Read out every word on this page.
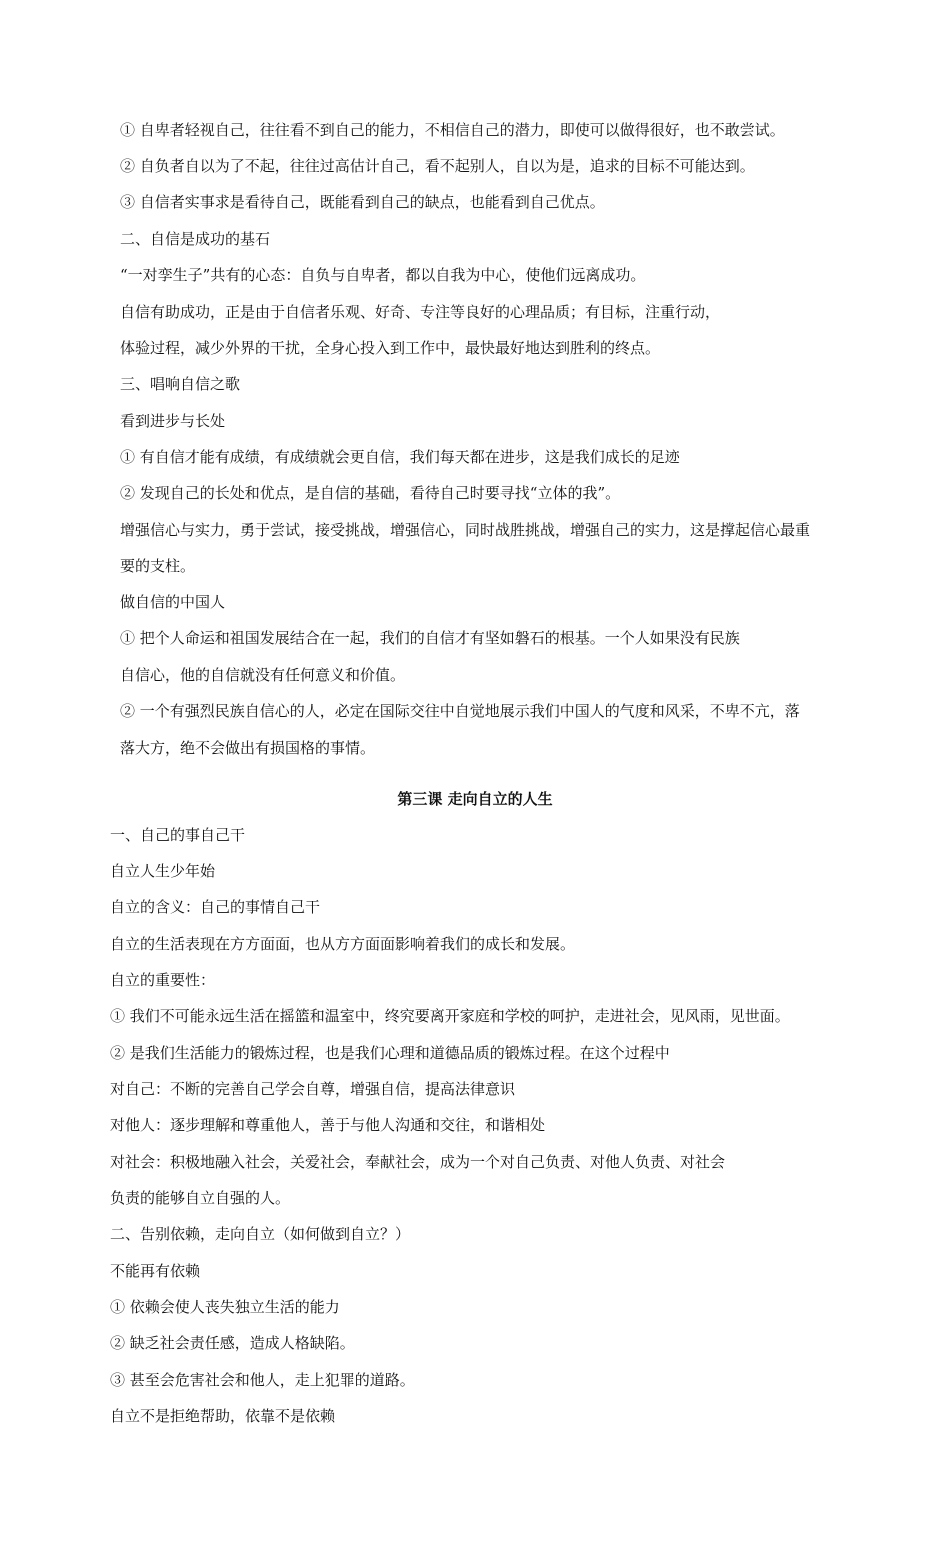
① 自卑者轻视自己，往往看不到自己的能力，不相信自己的潜力，即使可以做得很好，也不敢尝试。
② 自负者自以为了不起，往往过高估计自己，看不起别人，自以为是，追求的目标不可能达到。
③ 自信者实事求是看待自己，既能看到自己的缺点，也能看到自己优点。
二、自信是成功的基石
“一对孪生子”共有的心态：自负与自卑者，都以自我为中心，使他们远离成功。
自信有助成功，正是由于自信者乐观、好奇、专注等良好的心理品质；有目标，注重行动，
体验过程，减少外界的干扰，全身心投入到工作中，最快最好地达到胜利的终点。
三、唱响自信之歌
看到进步与长处
① 有自信才能有成绩，有成绩就会更自信，我们每天都在进步，这是我们成长的足迹
② 发现自己的长处和优点，是自信的基础，看待自己时要寻找“立体的我”。
增强信心与实力，勇于尝试，接受挑战，增强信心，同时战胜挑战，增强自己的实力，这是撑起信心最重
要的支柱。
做自信的中国人
① 把个人命运和祖国发展结合在一起，我们的自信才有坚如磐石的根基。一个人如果没有民族
自信心，他的自信就没有任何意义和价值。
② 一个有强烈民族自信心的人，必定在国际交往中自觉地展示我们中国人的气度和风采，不卑不亢，落
落大方，绝不会做出有损国格的事情。
第三课 走向自立的人生
一、自己的事自己干
自立人生少年始
自立的含义：自己的事情自己干
自立的生活表现在方方面面，也从方方面面影响着我们的成长和发展。
自立的重要性：
① 我们不可能永远生活在摇篮和温室中，终究要离开家庭和学校的呵护，走进社会，见风雨，见世面。
② 是我们生活能力的锻炼过程，也是我们心理和道德品质的锻炼过程。在这个过程中
对自己：不断的完善自己学会自尊，增强自信，提高法律意识
对他人：逐步理解和尊重他人，善于与他人沟通和交往，和谐相处
对社会：积极地融入社会，关爱社会，奉献社会，成为一个对自己负责、对他人负责、对社会
负责的能够自立自强的人。
二、告别依赖，走向自立（如何做到自立？）
不能再有依赖
① 依赖会使人丧失独立生活的能力
② 缺乏社会责任感，造成人格缺陷。
③ 甚至会危害社会和他人，走上犯罪的道路。
自立不是拒绝帮助，依靠不是依赖
